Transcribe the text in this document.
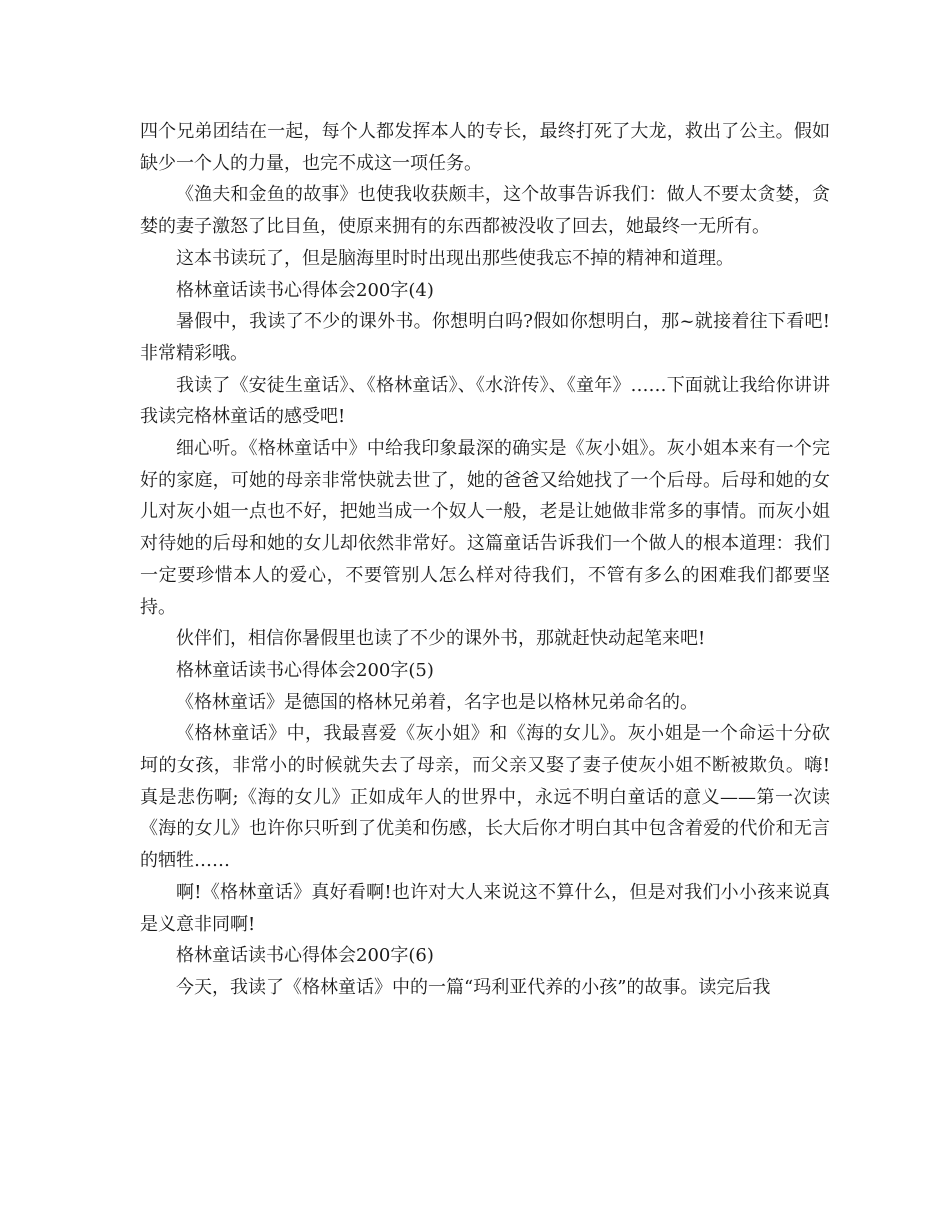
四个兄弟团结在一起，每个人都发挥本人的专长，最终打死了大龙，救出了公主。假如缺少一个人的力量，也完不成这一项任务。

《渔夫和金鱼的故事》也使我收获颇丰，这个故事告诉我们：做人不要太贪婪，贪婪的妻子激怒了比目鱼，使原来拥有的东西都被没收了回去，她最终一无所有。

这本书读玩了，但是脑海里时时出现出那些使我忘不掉的精神和道理。

格林童话读书心得体会200字(4)

暑假中，我读了不少的课外书。你想明白吗?假如你想明白，那~就接着往下看吧!非常精彩哦。

我读了《安徒生童话》、《格林童话》、《水浒传》、《童年》……下面就让我给你讲讲我读完格林童话的感受吧!

细心听。《格林童话中》中给我印象最深的确实是《灰小姐》。灰小姐本来有一个完好的家庭，可她的母亲非常快就去世了，她的爸爸又给她找了一个后母。后母和她的女儿对灰小姐一点也不好，把她当成一个奴人一般，老是让她做非常多的事情。而灰小姐对待她的后母和她的女儿却依然非常好。这篇童话告诉我们一个做人的根本道理：我们一定要珍惜本人的爱心，不要管别人怎么样对待我们，不管有多么的困难我们都要坚持。

伙伴们，相信你暑假里也读了不少的课外书，那就赶快动起笔来吧!

格林童话读书心得体会200字(5)

《格林童话》是德国的格林兄弟着，名字也是以格林兄弟命名的。

《格林童话》中，我最喜爱《灰小姐》和《海的女儿》。灰小姐是一个命运十分砍坷的女孩，非常小的时候就失去了母亲，而父亲又娶了妻子使灰小姐不断被欺负。嗨!真是悲伤啊;《海的女儿》正如成年人的世界中，永远不明白童话的意义——第一次读《海的女儿》也许你只听到了优美和伤感，长大后你才明白其中包含着爱的代价和无言的牺牲……

啊!《格林童话》真好看啊!也许对大人来说这不算什么，但是对我们小小孩来说真是义意非同啊!

格林童话读书心得体会200字(6)

今天，我读了《格林童话》中的一篇“玛利亚代养的小孩”的故事。读完后我
